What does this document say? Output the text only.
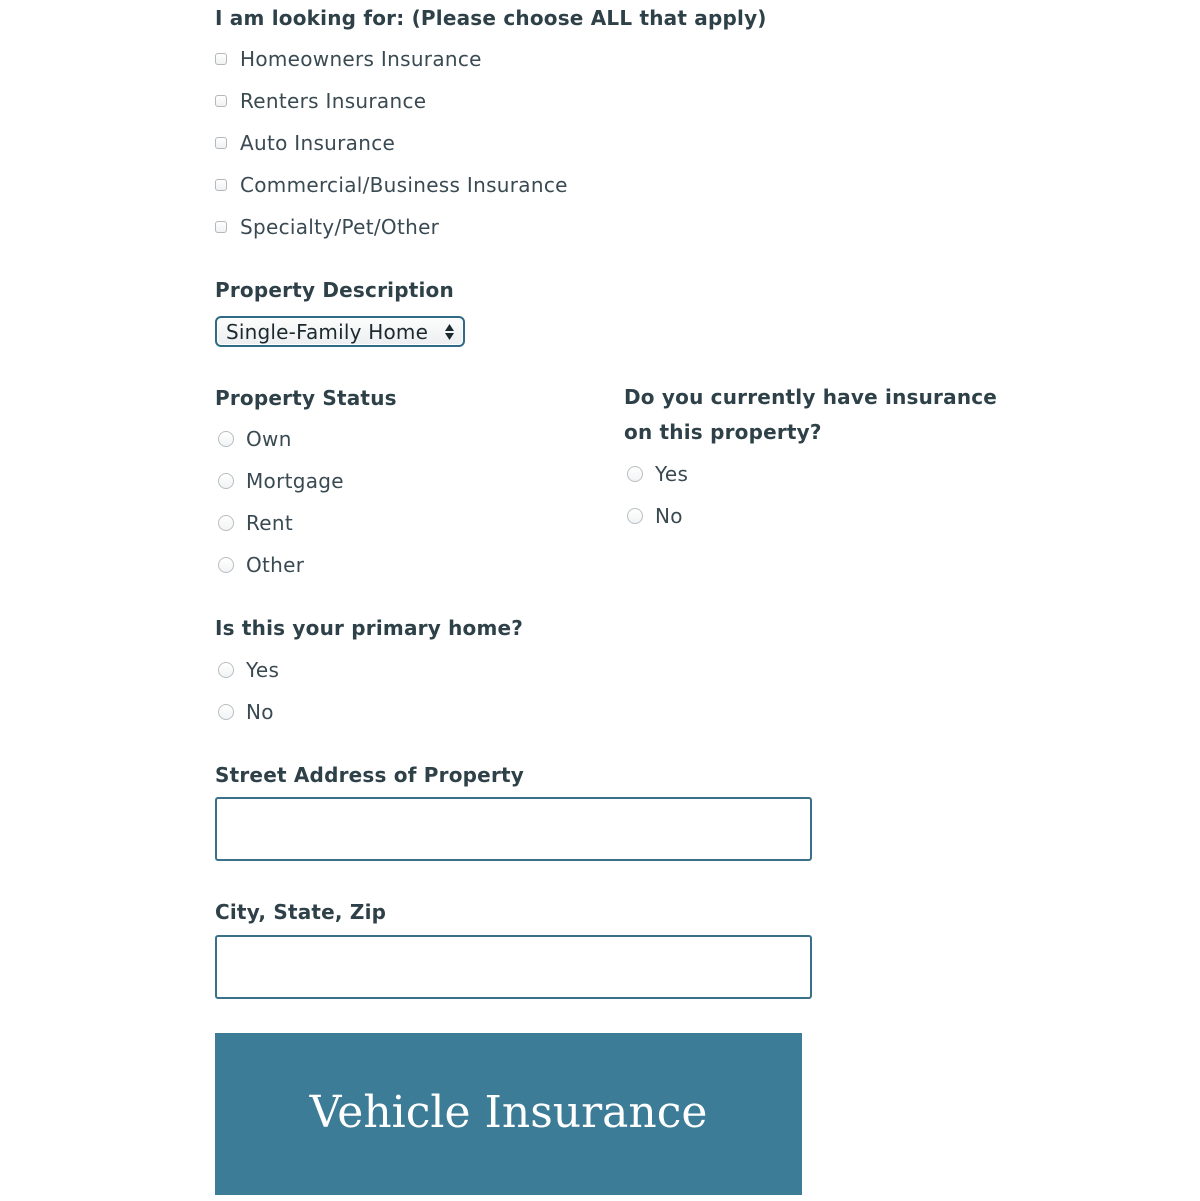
I am looking for: (Please choose ALL that apply)
Homeowners Insurance
Renters Insurance
Auto Insurance
Commercial/Business Insurance
Specialty/Pet/Other
Property Description
Single-Family Home
Property Status
Own
Mortgage
Rent
Other
Do you currently have insurance on this property?
Yes
No
Is this your primary home?
Yes
No
Street Address of Property
City, State, Zip
Vehicle Insurance
